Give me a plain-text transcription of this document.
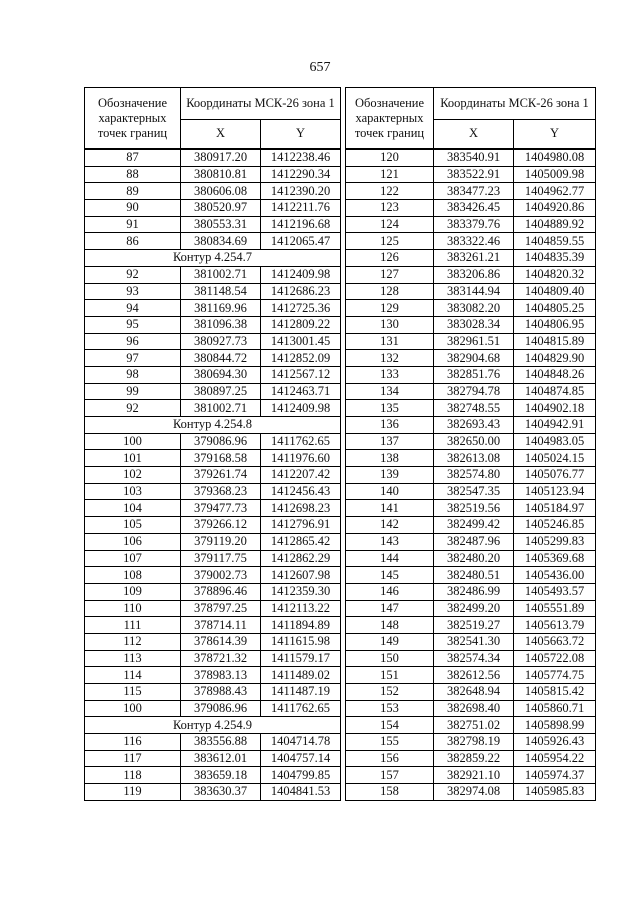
657
Обозначение характерных точек границ	Координаты МСК-26 зона 1	
	X	Y
87	380917.20	1412238.46
88	380810.81	1412290.34
89	380606.08	1412390.20
90	380520.97	1412211.76
91	380553.31	1412196.68
86	380834.69	1412065.47
Контур 4.254.7		
92	381002.71	1412409.98
93	381148.54	1412686.23
94	381169.96	1412725.36
95	381096.38	1412809.22
96	380927.73	1413001.45
97	380844.72	1412852.09
98	380694.30	1412567.12
99	380897.25	1412463.71
92	381002.71	1412409.98
Контур 4.254.8		
100	379086.96	1411762.65
101	379168.58	1411976.60
102	379261.74	1412207.42
103	379368.23	1412456.43
104	379477.73	1412698.23
105	379266.12	1412796.91
106	379119.20	1412865.42
107	379117.75	1412862.29
108	379002.73	1412607.98
109	378896.46	1412359.30
110	378797.25	1412113.22
111	378714.11	1411894.89
112	378614.39	1411615.98
113	378721.32	1411579.17
114	378983.13	1411489.02
115	378988.43	1411487.19
100	379086.96	1411762.65
Контур 4.254.9		
116	383556.88	1404714.78
117	383612.01	1404757.14
118	383659.18	1404799.85
119	383630.37	1404841.53
Обозначение характерных точек границ	Координаты МСК-26 зона 1	
	X	Y
120	383540.91	1404980.08
121	383522.91	1405009.98
122	383477.23	1404962.77
123	383426.45	1404920.86
124	383379.76	1404889.92
125	383322.46	1404859.55
126	383261.21	1404835.39
127	383206.86	1404820.32
128	383144.94	1404809.40
129	383082.20	1404805.25
130	383028.34	1404806.95
131	382961.51	1404815.89
132	382904.68	1404829.90
133	382851.76	1404848.26
134	382794.78	1404874.85
135	382748.55	1404902.18
136	382693.43	1404942.91
137	382650.00	1404983.05
138	382613.08	1405024.15
139	382574.80	1405076.77
140	382547.35	1405123.94
141	382519.56	1405184.97
142	382499.42	1405246.85
143	382487.96	1405299.83
144	382480.20	1405369.68
145	382480.51	1405436.00
146	382486.99	1405493.57
147	382499.20	1405551.89
148	382519.27	1405613.79
149	382541.30	1405663.72
150	382574.34	1405722.08
151	382612.56	1405774.75
152	382648.94	1405815.42
153	382698.40	1405860.71
154	382751.02	1405898.99
155	382798.19	1405926.43
156	382859.22	1405954.22
157	382921.10	1405974.37
158	382974.08	1405985.83
